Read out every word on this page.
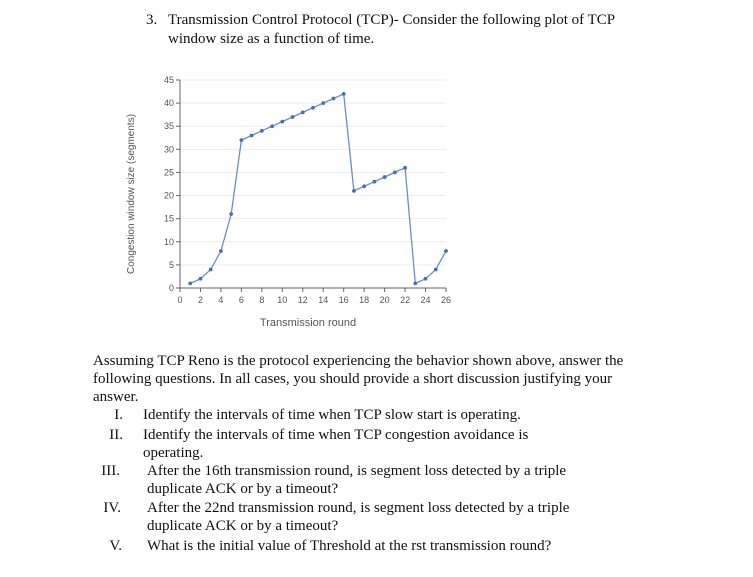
3. Transmission Control Protocol (TCP)- Consider the following plot of TCP
window size as a function of time.
0
5
10
15
20
25
30
35
40
45
0 2 4 6 8 10 12 14 16 18 20 22 24 26
Transmission round
Congestion window size (segments)
Assuming TCP Reno is the protocol experiencing the behavior shown above, answer the
following questions. In all cases, you should provide a short discussion justifying your
answer.
I. Identify the intervals of time when TCP slow start is operating.
II. Identify the intervals of time when TCP congestion avoidance is
operating.
III. After the 16th transmission round, is segment loss detected by a triple
duplicate ACK or by a timeout?
IV. After the 22nd transmission round, is segment loss detected by a triple
duplicate ACK or by a timeout?
V. What is the initial value of Threshold at the rst transmission round?
